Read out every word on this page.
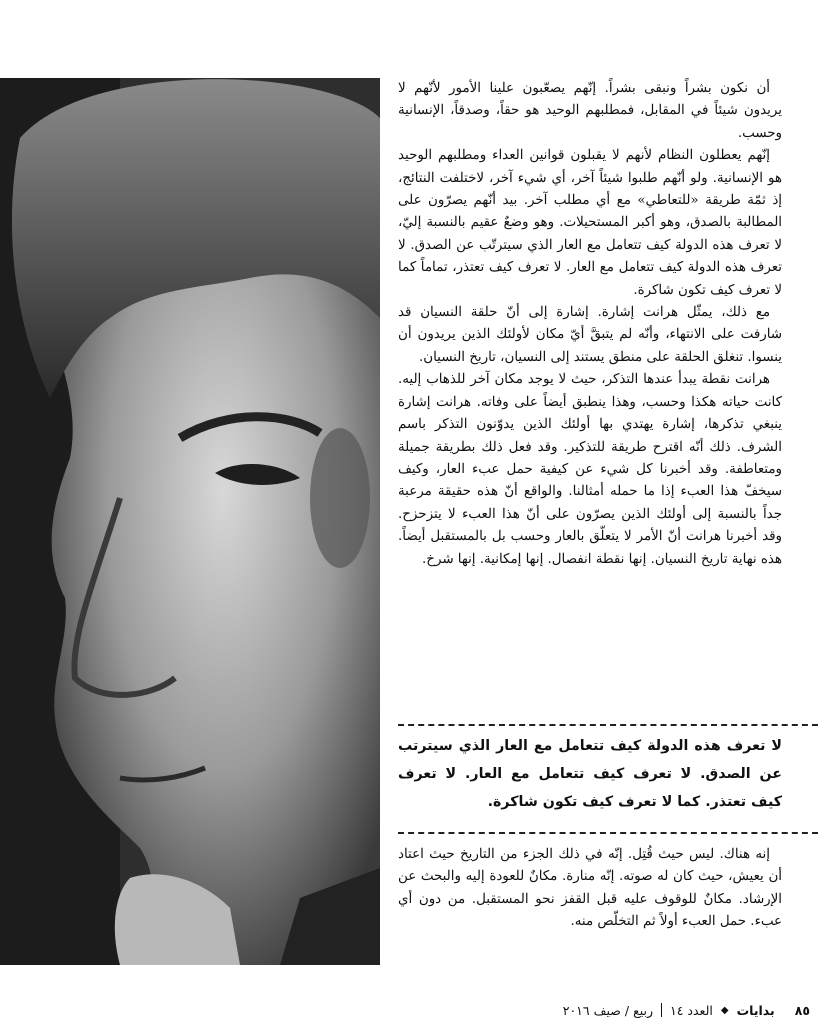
أن نكون بشراً ونبقى بشراً. إنّهم يصعّبون علينا الأمور لأنّهم لا يريدون شيئاً في المقابل، فمطلبهم الوحيد هو حقاً، وصدقاً، الإنسانية وحسب.

إنّهم يعطلون النظام لأنهم لا يقبلون قوانين العداء ومطلبهم الوحيد هو الإنسانية. ولو أنّهم طلبوا شيئاً آخر، أي شيء آخر، لاختلفت النتائج، إذ ثمّة طريقة «للتعاطي» مع أي مطلب آخر. بيد أنّهم يصرّون على المطالبة بالصدق، وهو أكبر المستحيلات. وهو وضعٌ عقيم بالنسبة إليّ، لا تعرف هذه الدولة كيف تتعامل مع العار الذي سيترتّب عن الصدق. لا تعرف هذه الدولة كيف تتعامل مع العار. لا تعرف كيف تعتذر، تماماً كما لا تعرف كيف تكون شاكرة.

مع ذلك، يمثّل هرانت إشارة. إشارة إلى أنّ حلقة النسيان قد شارفت على الانتهاء، وأنّه لم يتبقَّ أيّ مكان لأولئك الذين يريدون أن ينسوا. تنغلق الحلقة على منطق يستند إلى النسيان، تاريخ النسيان.

هرانت نقطة يبدأ عندها التذكر، حيث لا يوجد مكان آخر للذهاب إليه. كانت حياته هكذا وحسب، وهذا ينطبق أيضاً على وفاته. هرانت إشارة ينبغي تذكرها، إشارة يهتدي بها أولئك الذين يدوّنون التذكر باسم الشرف. ذلك أنّه اقترح طريقة للتذكير. وقد فعل ذلك بطريقة جميلة ومتعاطفة. وقد أخبرنا كل شيء عن كيفية حمل عبء العار، وكيف سيخفّ هذا العبء إذا ما حمله أمثالنا. والواقع أنّ هذه حقيقة مرعبة جداً بالنسبة إلى أولئك الذين يصرّون على أنّ هذا العبء لا يتزحزح. وقد أخبرنا هرانت أنّ الأمر لا يتعلّق بالعار وحسب بل بالمستقبل أيضاً. هذه نهاية تاريخ النسيان. إنها نقطة انفصال. إنها إمكانية. إنها شرخ.

لا تعرف هذه الدولة كيف تتعامل مع العار الذي سيترتب عن الصدق. لا تعرف كيف تتعامل مع العار. لا تعرف كيف تعتذر. كما لا تعرف كيف تكون شاكرة.

إنه هناك. ليس حيث قُتِل. إنّه في ذلك الجزء من التاريخ حيث اعتاد أن يعيش، حيث كان له صوته. إنّه منارة. مكانٌ للعودة إليه والبحث عن الإرشاد. مكانٌ للوقوف عليه قبل القفز نحو المستقبل. من دون أي عبء. حمل العبء أولاً ثم التخلّص منه.

٨٥
بدايات
◆
العدد ١٤
ربيع / صيف ٢٠١٦
